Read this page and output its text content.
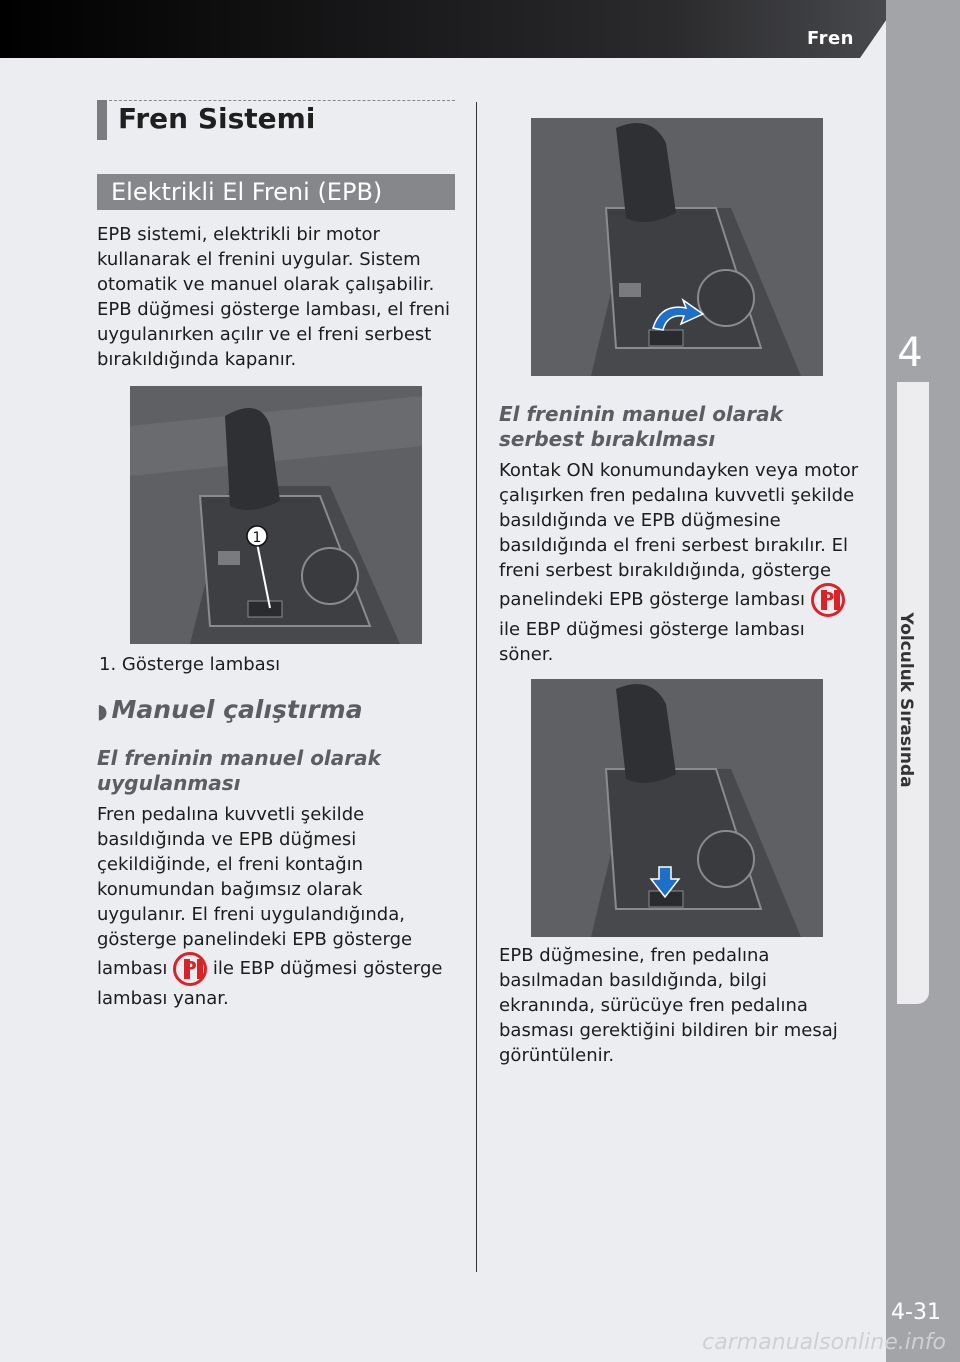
Fren
4
Yolculuk Sırasında
4-31
carmanualsonline.info
Fren Sistemi
Elektrikli El Freni (EPB)

EPB sistemi, elektrikli bir motor kullanarak el frenini uygular. Sistem otomatik ve manuel olarak çalışabilir. EPB düğmesi gösterge lambası, el freni uygulanırken açılır ve el freni serbest bırakıldığında kapanır.

1
1. Gösterge lambası
◗ Manuel çalıştırma
El freninin manuel olarak uygulanması

Fren pedalına kuvvetli şekilde basıldığında ve EPB düğmesi çekildiğinde, el freni kontağın konumundan bağımsız olarak uygulanır. El freni uygulandığında, gösterge panelindeki EPB gösterge lambası P ile EBP düğmesi gösterge lambası yanar.

El freninin manuel olarak serbest bırakılması

Kontak ON konumundayken veya motor çalışırken fren pedalına kuvvetli şekilde basıldığında ve EPB düğmesine basıldığında el freni serbest bırakılır. El freni serbest bırakıldığında, gösterge panelindeki EPB gösterge lambası P ile EBP düğmesi gösterge lambası söner.

EPB düğmesine, fren pedalına basılmadan basıldığında, bilgi ekranında, sürücüye fren pedalına basması gerektiğini bildiren bir mesaj görüntülenir.
